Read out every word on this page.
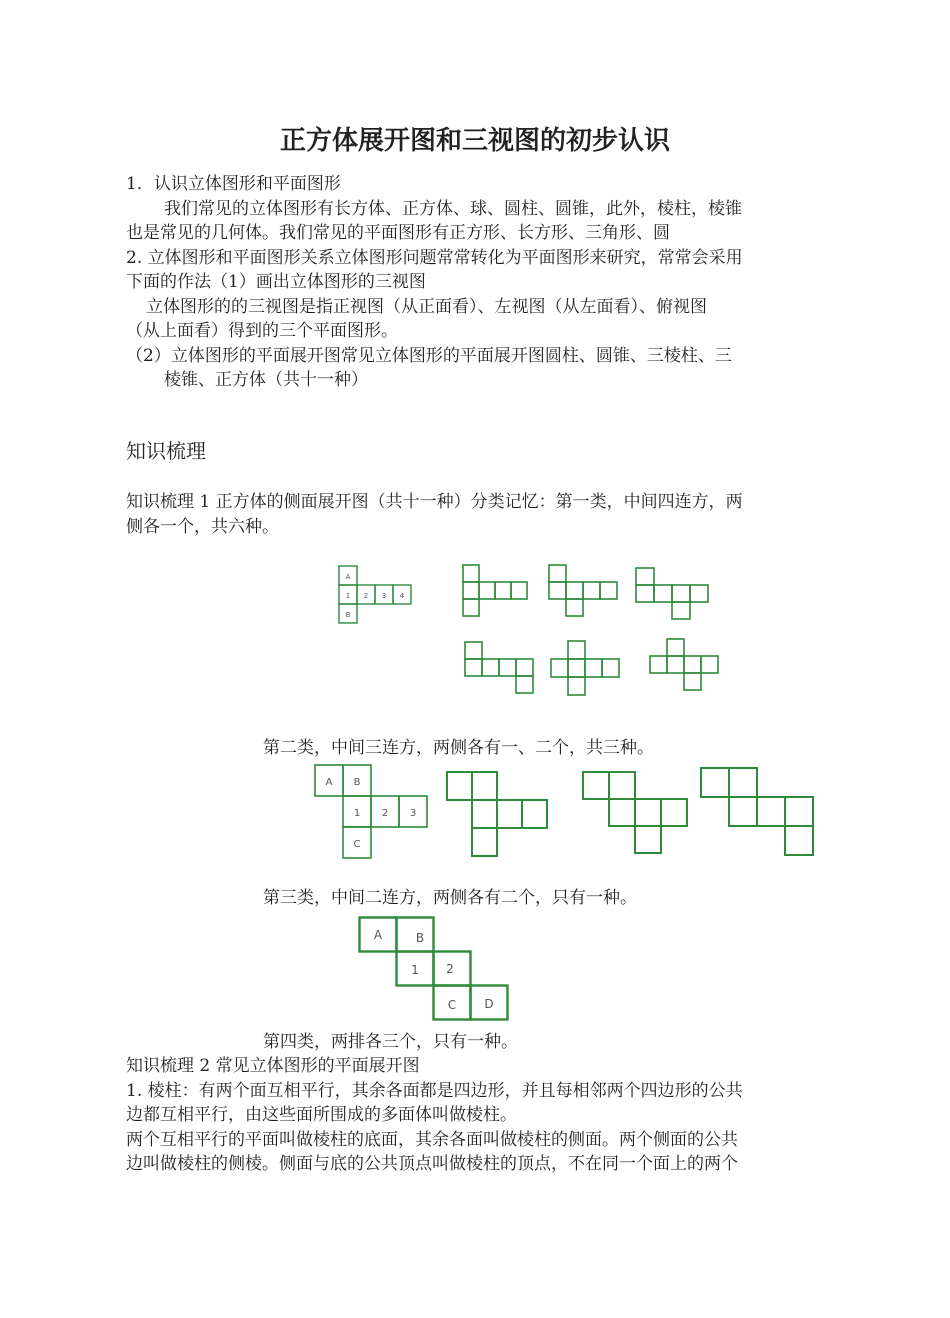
正方体展开图和三视图的初步认识

1．认识立体图形和平面图形

我们常见的立体图形有长方体、正方体、球、圆柱、圆锥，此外，棱柱，棱锥

也是常见的几何体。我们常见的平面图形有正方形、长方形、三角形、圆

2. 立体图形和平面图形关系立体图形问题常常转化为平面图形来研究，常常会采用

下面的作法（1）画出立体图形的三视图

立体图形的的三视图是指正视图（从正面看）、左视图（从左面看）、俯视图

（从上面看）得到的三个平面图形。

（2）立体图形的平面展开图常见立体图形的平面展开图圆柱、圆锥、三棱柱、三

棱锥、正方体（共十一种）

知识梳理

知识梳理 1 正方体的侧面展开图（共十一种）分类记忆：第一类，中间四连方，两

侧各一个，共六种。

A
1 2 3 4
B

第二类，中间三连方，两侧各有一、二个，共三种。

A B
1 2 3
C

第三类，中间二连方，两侧各有二个，只有一种。

A	B
1 2
C D

第四类，两排各三个，只有一种。

知识梳理 2 常见立体图形的平面展开图

1. 棱柱：有两个面互相平行，其余各面都是四边形，并且每相邻两个四边形的公共

边都互相平行，由这些面所围成的多面体叫做棱柱。

两个互相平行的平面叫做棱柱的底面，其余各面叫做棱柱的侧面。两个侧面的公共

边叫做棱柱的侧棱。侧面与底的公共顶点叫做棱柱的顶点，不在同一个面上的两个
